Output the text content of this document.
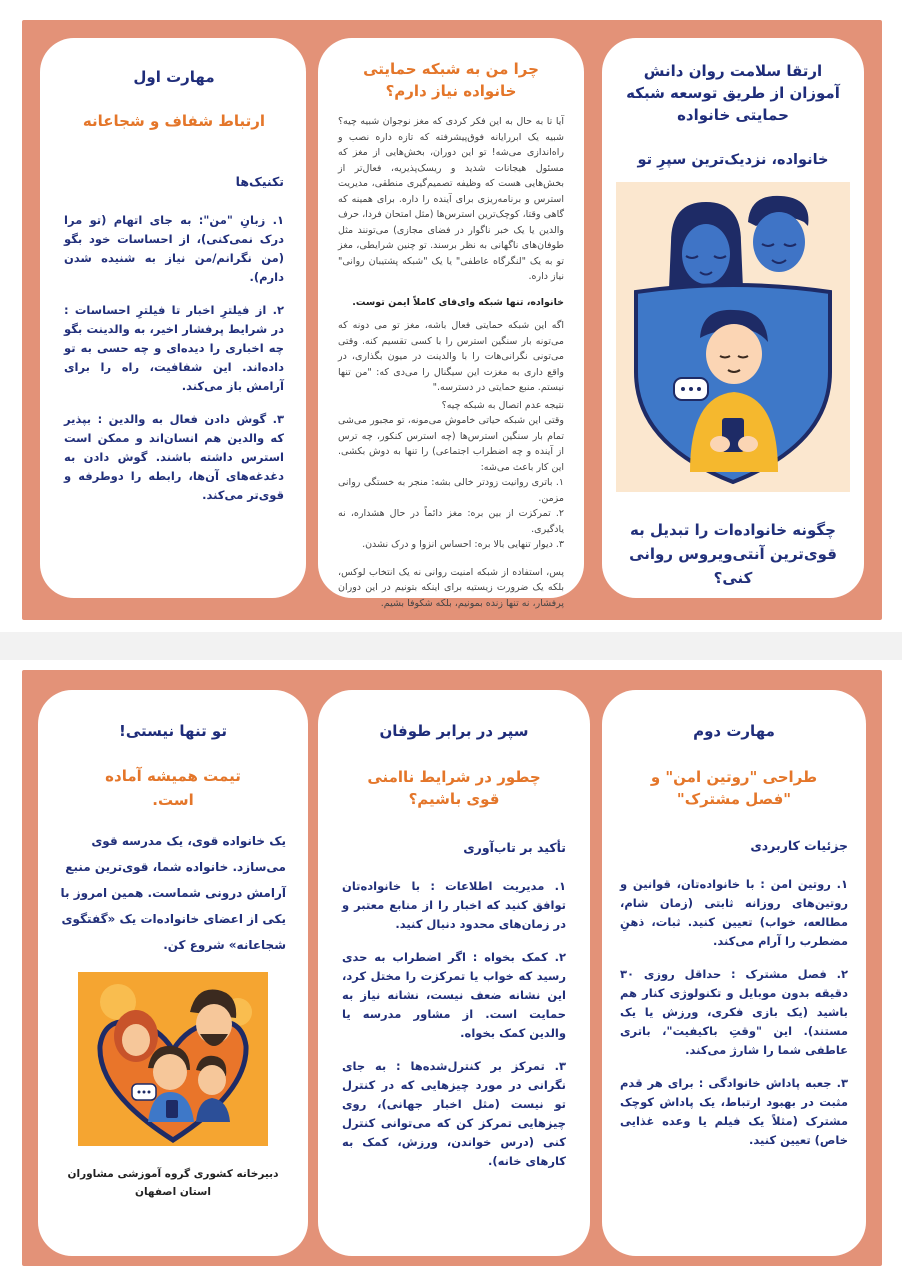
ارتقا سلامت روان دانش آموزان از طریق توسعه شبکه حمایتی خانواده
خانواده، نزدیک‌ترین سپرِ تو
چگونه خانواده‌ات را تبدیل به قوی‌ترین آنتی‌ویروس روانی کنی؟
چرا من به شبکه حمایتی خانواده نیاز دارم؟
آیا تا به حال به این فکر کردی که مغز نوجوان شبیه چیه؟ شبیه یک ابررایانه فوق‌پیشرفته که تازه داره نصب و راه‌اندازی می‌شه! تو این دوران، بخش‌هایی از مغز که مسئول هیجانات شدید و ریسک‌پذیریه، فعال‌تر از بخش‌هایی هست که وظیفه تصمیم‌گیری منطقی، مدیریت استرس و برنامه‌ریزی برای آینده را داره. برای همینه که گاهی وقتا، کوچک‌ترین استرس‌ها (مثل امتحان فردا، حرف والدین یا یک خبر ناگوار در فضای مجازی) می‌تونند مثل طوفان‌های ناگهانی به نظر برسند. تو چنین شرایطی، مغز تو به یک "لنگرگاه عاطفی" یا یک "شبکه پشتیبان روانی" نیاز داره.
خانواده، تنها شبکه وای‌فای کاملاً ایمن توست.
اگه این شبکه حمایتی فعال باشه، مغز تو می دونه که می‌تونه بار سنگین استرس را با کسی تقسیم کنه. وقتی می‌تونی نگرانی‌هات را با والدینت در میون بگذاری، در واقع داری به مغزت این سیگنال را می‌دی که: "من تنها نیستم. منبع حمایتی در دسترسه."
نتیجه عدم اتصال به شبکه چیه؟
وقتی این شبکه حیاتی خاموش می‌مونه، تو مجبور می‌شی تمام بار سنگین استرس‌ها (چه استرس کنکور، چه ترس از آینده و چه اضطراب اجتماعی) را تنها به دوش بکشی. این کار باعث می‌شه:
۱. باتری روانیت زودتر خالی بشه: منجر به خستگی روانی مزمن.
۲. تمرکزت از بین بره: مغز دائماً در حال هشداره، نه یادگیری.
۳. دیوار تنهایی بالا بره: احساس انزوا و درک نشدن.
پس، استفاده از شبکه امنیت روانی نه یک انتخاب لوکس، بلکه یک ضرورت زیستیه برای اینکه بتونیم در این دوران پرفشار، نه تنها زنده بمونیم، بلکه شکوفا بشیم.
مهارت اول
ارتباط شفاف و شجاعانه
تکنیک‌ها
۱. زبانِ "من": به جای اتهام (تو مرا درک نمی‌کنی)، از احساسات خود بگو (من نگرانم/من نیاز به شنیده شدن دارم).
۲. از فیلترِ اخبار تا فیلترِ احساسات : در شرایط پرفشار اخیر، به والدینت بگو چه اخباری را دیده‌ای و چه حسی به تو داده‌اند. این شفافیت، راه را برای آرامش باز می‌کند.
۳. گوش دادن فعال به والدین : بپذیر که والدین هم انسان‌اند و ممکن است استرس داشته باشند. گوش دادن به دغدغه‌های آن‌ها، رابطه را دوطرفه و قوی‌تر می‌کند.
مهارت دوم
طراحی "روتین امن" و "فصل مشترک"
جزئیات کاربردی
۱. روتین امن : با خانواده‌تان، قوانین و روتین‌های روزانه ثابتی (زمان شام، مطالعه، خواب) تعیین کنید. ثبات، ذهنِ مضطرب را آرام می‌کند.
۲. فصل مشترک : حداقل روزی ۳۰ دقیقه بدون موبایل و تکنولوژی کنار هم باشید (یک بازی فکری، ورزش یا یک مستند). این "وقتِ باکیفیت"، باتری عاطفی شما را شارژ می‌کند.
۳. جعبه پاداش خانوادگی : برای هر قدم مثبت در بهبود ارتباط، یک پاداش کوچک مشترک (مثلاً یک فیلم یا وعده غذایی خاص) تعیین کنید.
سپر در برابر طوفان
چطور در شرایط ناامنی قوی باشیم؟
تأکید بر تاب‌آوری
۱. مدیریت اطلاعات : با خانواده‌تان توافق کنید که اخبار را از منابع معتبر و در زمان‌های محدود دنبال کنید.
۲. کمک بخواه : اگر اضطراب به حدی رسید که خواب یا تمرکزت را مختل کرد، این نشانه ضعف نیست، نشانه نیاز به حمایت است. از مشاور مدرسه یا والدین کمک بخواه.
۳. تمرکز بر کنترل‌شده‌ها : به جای نگرانی در مورد چیزهایی که در کنترل تو نیست (مثل اخبار جهانی)، روی چیزهایی تمرکز کن که می‌توانی کنترل کنی (درس خواندن، ورزش، کمک به کارهای خانه).
تو تنها نیستی!
تیمت همیشه آماده است.
یک خانواده قوی، یک مدرسه قوی می‌سازد. خانواده شما، قوی‌ترین منبع آرامش درونی شماست. همین امروز با یکی از اعضای خانواده‌ات یک «گفتگوی شجاعانه» شروع کن.
دبیرخانه کشوری گروه آموزشی مشاوران
استان اصفهان
